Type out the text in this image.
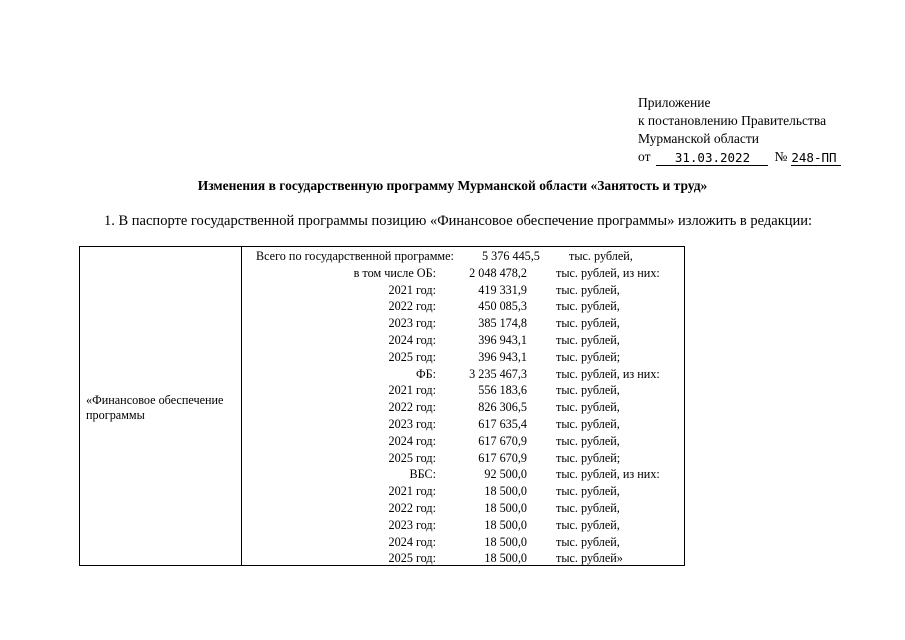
Приложение
к постановлению Правительства
Мурманской области
от	31.03.2022	№ 248-ПП
Изменения в государственную программу Мурманской области «Занятость и труд»
1. В паспорте государственной программы позицию «Финансовое обеспечение программы» изложить в редакции:
«Финансовое обеспечение программы
Всего по государственной программе: 5 376 445,5 тыс. рублей,
в том числе ОБ:	2 048 478,2 тыс. рублей, из них:
2021 год:	419 331,9 тыс. рублей,
2022 год:	450 085,3 тыс. рублей,
2023 год:	385 174,8 тыс. рублей,
2024 год:	396 943,1 тыс. рублей,
2025 год:	396 943,1 тыс. рублей;
ФБ:	3 235 467,3 тыс. рублей, из них:
2021 год:	556 183,6 тыс. рублей,
2022 год:	826 306,5 тыс. рублей,
2023 год:	617 635,4 тыс. рублей,
2024 год:	617 670,9 тыс. рублей,
2025 год:	617 670,9 тыс. рублей;
ВБС:	92 500,0 тыс. рублей, из них:
2021 год:	18 500,0 тыс. рублей,
2022 год:	18 500,0 тыс. рублей,
2023 год:	18 500,0 тыс. рублей,
2024 год:	18 500,0 тыс. рублей,
2025 год:	18 500,0 тыс. рублей»
